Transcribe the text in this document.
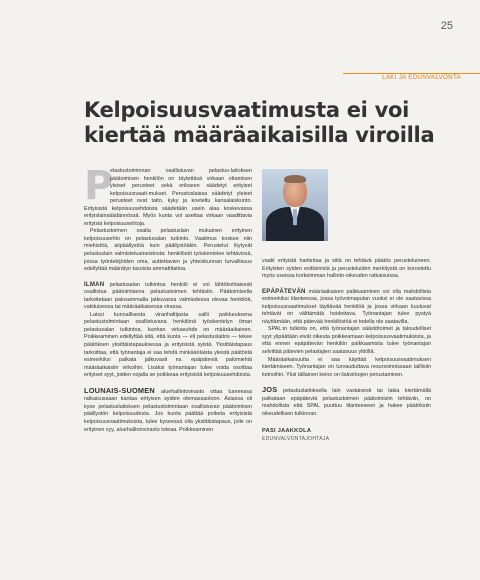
25
LAKI JA EDUNVALVONTA
Kelpoisuusvaatimusta ei voi kiertää määräaikaisilla viroilla

P
elastustoiminnan osallistuvan pelastus-laitoksen päätoimisen henkilön on täytettävä virkaan ottamisen yleiset perusteet sekä erikseen säädetyt erityiset kelpoisuusvaati-mukset. Perustuslaissa säädetyt yleiset perusteet ovat taito, kyky ja koeteltu kansalaiskunto. Erityisistä kelpoisuusehdoista säädetään usein alaa koskevassa erityislainsäädännössä. Myös kunta voi asettaa virkaan vaadittavia erityisiä kelpoisuusehtoja.

Pelastustoimen osalta pelastuslain mukainen erityinen kelpoisuusehto on pelastusalan tutkinto. Vaatimus koskee niin miehistöä, alipäällystöä kuin päällystöäkin. Perustelut löytyvät pelastuslain valmisteluaineistosta: henkilöstö työskentelee tehtävissä, joissa työntekijöiden oma, auttettavien ja yhteiskunnan turvallisuus edellyttää määrätyn tasoista ammattitaitoa.

ILMAN pelastusalan tutkintoa henkilö ei voi lähtökohtaisesti osallistua päätoimisena pelastustoimen tehtäviin. Päätoimisella tarkoitetaan palosammalla jatkuvassa valmiudessa olevaa henkilöä, vakituisessa tai määräaikaisessa virassa.

Laissi kunnallisesta viranhaltijasta sallii poikkeuksena pelastustoimintaan osallistuvana henkilönä työskentelyn ilman pelastusalan tutkintoa, kunhan virkasuhde on määräaikainen. Poikkeaminen edellyttää sitä, että kunta — eli pelastuslaitos — tekee päätöksen yksittäistapauksessa ja erityisistä syistä. Yksittäistapaus tarkoittaa, että työnantaja ei saa tehdä minkäänlaista yleistä päätöstä esimerkiksi palkata jatkuvasti ns. epäpäteviä palomiehiä määräaikaisiin virkoihin. Lisäksi työnantajan tulee voida osoittaa erityiset syyt, joiden nojalla se poikkeaa erityisistä kelpoisuusehdoista.

LOUNAIS-SUOMEN aluehallintovirasto ottaa tuoreessa ratkaisussaan kantaa erityisen syiden olemassaoloon. Asiassa oli kyse pelastuslaitoksen pelastustoimintaan osallistuvan päätoimisen päällystön kelpoisuudesta. Jos kunta päättää poiketa erityisistä kelpoisuusvaatimuksista, tulee kyseessä olla yksittäistapaus, jolle on erityinen syy, aluehallintovirasto toteaa. Poikkeaminen

vaatii erityistä harkintaa ja siitä on tehtävä päätös perusteluineen. Erityisten syiden esittämistä ja perusteluiden merkitystä on korostettu myös useissa korkeimman hallinto-oikeuden ratkaisuissa.

EPÄPÄTEVÄN määräaikaisen palkkaaminen voi olla mahdollista esimerkiksi tilanteessa, jossa työvoimapulan vuoksi ei ole saatavissa kelpoisuusvaatimukset täyttävää henkilöä ja jossa virkaan kuuluvat tehtävät on välttämätä hoidettava. Työnantajan tulee pystyä näyttämään, että pätevää henkilöstöä ei todella ole saatavilla.

SPAL:in tulkinta on, että työnantajan säästötoimet ja taloudelliset syyt ylipäätään eivät oikeuta poikkeamaan kelpoisuusvaatimuksista, ja että ennen epäpätevän henkilön palkkaamista tulee työnantajan selvittää pätevien pelastajien saatavuus yltiöllä.

Määräaikaisuutta ei saa käyttää kelpoisuusvaatimuksen kiertämiseen. Työnantajan on turvauduttava resurssinnissaan laillisiin keinoihin. Yksi tällainen keino on lisävirkojen perustaminen.

JOS pelastuslaitoksella lain vastaisesti tai lakia kiertämällä palkataan epäpäteviä pelastustoimen päätoimisiin tehtäviin, on mahdollista että SPAL puuttuu tilanteeseen ja hakee päätöksiin oikeudellisen tulkinnan.

PASI JAAKKOLA
EDUNVALVONTAJOHTAJA
